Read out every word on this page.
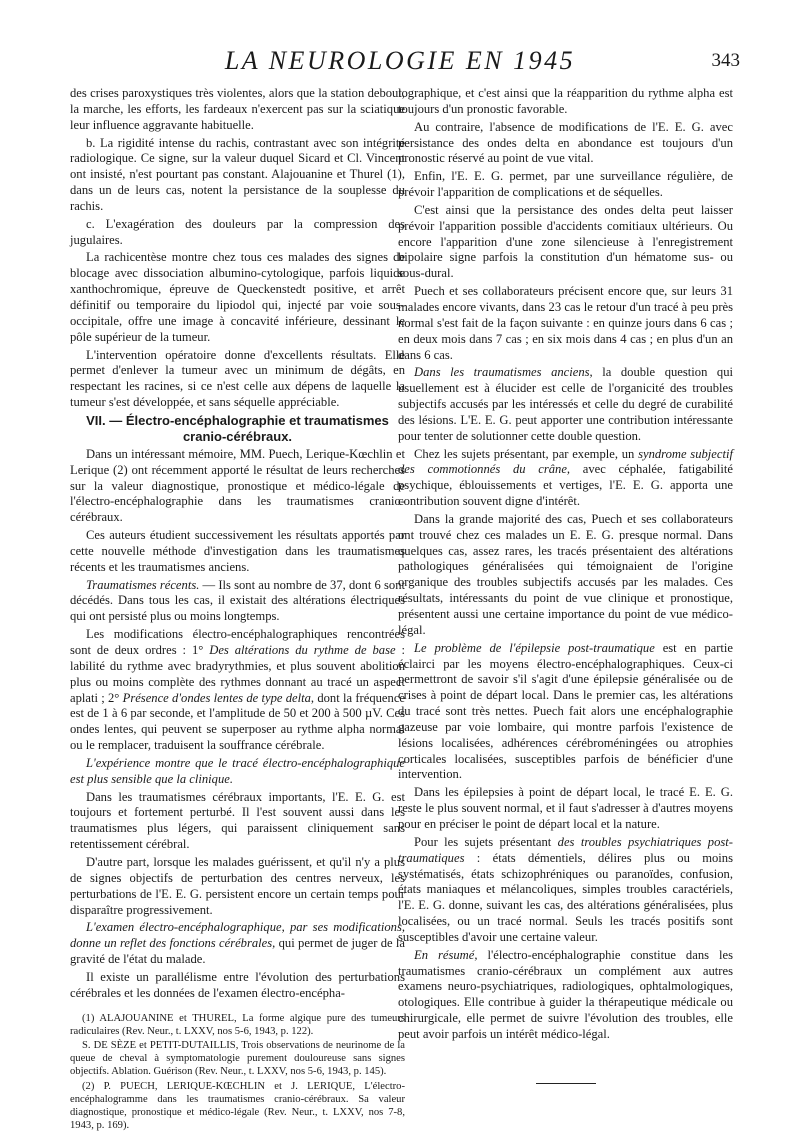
LA NEUROLOGIE EN 1945	343

des crises paroxystiques très violentes, alors que la station debout, la marche, les efforts, les fardeaux n'exercent pas sur la sciatique leur influence aggravante habituelle.

b. La rigidité intense du rachis, contrastant avec son intégrité radiologique. Ce signe, sur la valeur duquel Sicard et Cl. Vincent ont insisté, n'est pourtant pas constant. Alajouanine et Thurel (1), dans un de leurs cas, notent la persistance de la souplesse du rachis.

c. L'exagération des douleurs par la compression des jugulaires.

La rachicentèse montre chez tous ces malades des signes de blocage avec dissociation albumino-cytologique, parfois liquide xanthochromique, épreuve de Queckenstedt positive, et arrêt définitif ou temporaire du lipiodol qui, injecté par voie sous-occipitale, offre une image à concavité inférieure, dessinant le pôle supérieur de la tumeur.

L'intervention opératoire donne d'excellents résultats. Elle permet d'enlever la tumeur avec un minimum de dégâts, en respectant les racines, si ce n'est celle aux dépens de laquelle la tumeur s'est développée, et sans séquelle appréciable.

VII. — Électro-encéphalographie et traumatismes
cranio-cérébraux.

Dans un intéressant mémoire, MM. Puech, Lerique-Kœchlin et Lerique (2) ont récemment apporté le résultat de leurs recherches sur la valeur diagnostique, pronostique et médico-légale de l'électro-encéphalographie dans les traumatismes cranio-cérébraux.

Ces auteurs étudient successivement les résultats apportés par cette nouvelle méthode d'investigation dans les traumatismes récents et les traumatismes anciens.

Traumatismes récents. — Ils sont au nombre de 37, dont 6 sont décédés. Dans tous les cas, il existait des altérations électriques qui ont persisté plus ou moins longtemps.

Les modifications électro-encéphalographiques rencontrées sont de deux ordres : 1° Des altérations du rythme de base : labilité du rythme avec bradyrythmies, et plus souvent abolition plus ou moins complète des rythmes donnant au tracé un aspect aplati ; 2° Présence d'ondes lentes de type delta, dont la fréquence est de 1 à 6 par seconde, et l'amplitude de 50 et 200 à 500 µV. Ces ondes lentes, qui peuvent se superposer au rythme alpha normal ou le remplacer, traduisent la souffrance cérébrale.

L'expérience montre que le tracé électro-encéphalographique est plus sensible que la clinique.

Dans les traumatismes cérébraux importants, l'E. E. G. est toujours et fortement perturbé. Il l'est souvent aussi dans les traumatismes plus légers, qui paraissent cliniquement sans retentissement cérébral.

D'autre part, lorsque les malades guérissent, et qu'il n'y a plus de signes objectifs de perturbation des centres nerveux, les perturbations de l'E. E. G. persistent encore un certain temps pour disparaître progressivement.

L'examen électro-encéphalographique, par ses modifications, donne un reflet des fonctions cérébrales, qui permet de juger de la gravité de l'état du malade.

Il existe un parallélisme entre l'évolution des perturbations cérébrales et les données de l'examen électro-encépha-

(1) ALAJOUANINE et THUREL, La forme algique pure des tumeurs radiculaires (Rev. Neur., t. LXXV, nos 5-6, 1943, p. 122).

S. DE SÈZE et PETIT-DUTAILLIS, Trois observations de neurinome de la queue de cheval à symptomatologie purement douloureuse sans signes objectifs. Ablation. Guérison (Rev. Neur., t. LXXV, nos 5-6, 1943, p. 145).

(2) P. PUECH, LERIQUE-KŒCHLIN et J. LERIQUE, L'électro-encéphalogramme dans les traumatismes cranio-cérébraux. Sa valeur diagnostique, pronostique et médico-légale (Rev. Neur., t. LXXV, nos 7-8, 1943, p. 169).

lographique, et c'est ainsi que la réapparition du rythme alpha est toujours d'un pronostic favorable.

Au contraire, l'absence de modifications de l'E. E. G. avec persistance des ondes delta en abondance est toujours d'un pronostic réservé au point de vue vital.

Enfin, l'E. E. G. permet, par une surveillance régulière, de prévoir l'apparition de complications et de séquelles.

C'est ainsi que la persistance des ondes delta peut laisser prévoir l'apparition possible d'accidents comitiaux ultérieurs. Ou encore l'apparition d'une zone silencieuse à l'enregistrement bipolaire signe parfois la constitution d'un hématome sus- ou sous-dural.

Puech et ses collaborateurs précisent encore que, sur leurs 31 malades encore vivants, dans 23 cas le retour d'un tracé à peu près normal s'est fait de la façon suivante : en quinze jours dans 6 cas ; en deux mois dans 7 cas ; en six mois dans 4 cas ; en plus d'un an dans 6 cas.

Dans les traumatismes anciens, la double question qui usuellement est à élucider est celle de l'organicité des troubles subjectifs accusés par les intéressés et celle du degré de curabilité des lésions. L'E. E. G. peut apporter une contribution intéressante pour tenter de solutionner cette double question.

Chez les sujets présentant, par exemple, un syndrome subjectif des commotionnés du crâne, avec céphalée, fatigabilité psychique, éblouissements et vertiges, l'E. E. G. apporta une contribution souvent digne d'intérêt.

Dans la grande majorité des cas, Puech et ses collaborateurs ont trouvé chez ces malades un E. E. G. presque normal. Dans quelques cas, assez rares, les tracés présentaient des altérations pathologiques généralisées qui témoignaient de l'origine organique des troubles subjectifs accusés par les malades. Ces résultats, intéressants du point de vue clinique et pronostique, présentent aussi une certaine importance du point de vue médico-légal.

Le problème de l'épilepsie post-traumatique est en partie éclairci par les moyens électro-encéphalographiques. Ceux-ci permettront de savoir s'il s'agit d'une épilepsie généralisée ou de crises à point de départ local. Dans le premier cas, les altérations du tracé sont très nettes. Puech fait alors une encéphalographie gazeuse par voie lombaire, qui montre parfois l'existence de lésions localisées, adhérences cérébroméningées ou atrophies corticales localisées, susceptibles parfois de bénéficier d'une intervention.

Dans les épilepsies à point de départ local, le tracé E. E. G. reste le plus souvent normal, et il faut s'adresser à d'autres moyens pour en préciser le point de départ local et la nature.

Pour les sujets présentant des troubles psychiatriques post-traumatiques : états démentiels, délires plus ou moins systématisés, états schizophréniques ou paranoïdes, confusion, états maniaques et mélancoliques, simples troubles caractériels, l'E. E. G. donne, suivant les cas, des altérations généralisées, plus localisées, ou un tracé normal. Seuls les tracés positifs sont susceptibles d'avoir une certaine valeur.

En résumé, l'électro-encéphalographie constitue dans les traumatismes cranio-cérébraux un complément aux autres examens neuro-psychiatriques, radiologiques, ophtalmologiques, otologiques. Elle contribue à guider la thérapeutique médicale ou chirurgicale, elle permet de suivre l'évolution des troubles, elle peut avoir parfois un intérêt médico-légal.
